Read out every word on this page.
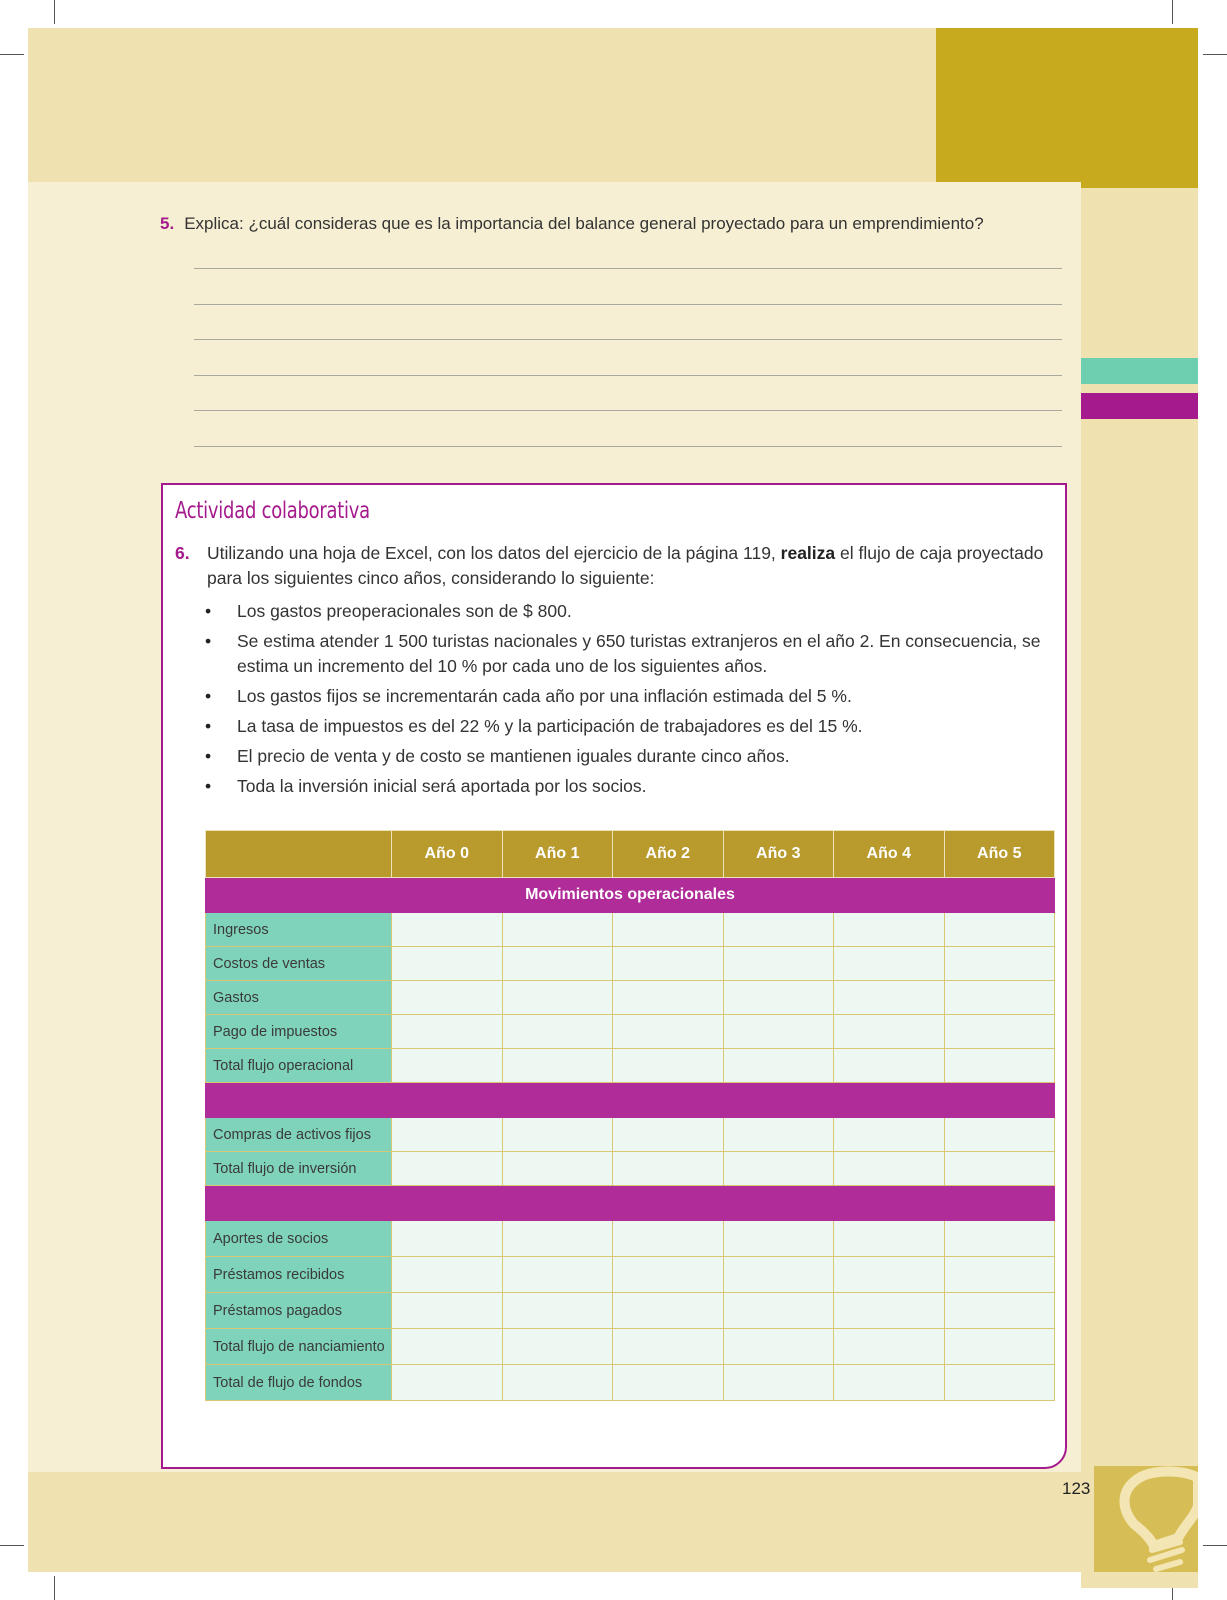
5. Explica: ¿cuál consideras que es la importancia del balance general proyectado para un emprendimiento?
Actividad colaborativa
6. Utilizando una hoja de Excel, con los datos del ejercicio de la página 119, realiza el flujo de caja proyectado para los siguientes cinco años, considerando lo siguiente:
• Los gastos preoperacionales son de $ 800.
• Se estima atender 1 500 turistas nacionales y 650 turistas extranjeros en el año 2. En consecuencia, se estima un incremento del 10 % por cada uno de los siguientes años.
• Los gastos fijos se incrementarán cada año por una inflación estimada del 5 %.
• La tasa de impuestos es del 22 % y la participación de trabajadores es del 15 %.
• El precio de venta y de costo se mantienen iguales durante cinco años.
• Toda la inversión inicial será aportada por los socios.
	Año 0	Año 1	Año 2	Año 3	Año 4	Año 5
Movimientos operacionales						
Ingresos						
Costos de ventas						
Gastos						
Pago de impuestos						
Total flujo operacional						

Compras de activos fijos						
Total flujo de inversión						

Aportes de socios						
Préstamos recibidos						
Préstamos pagados						
Total flujo de nanciamiento						
Total de flujo de fondos						
123
